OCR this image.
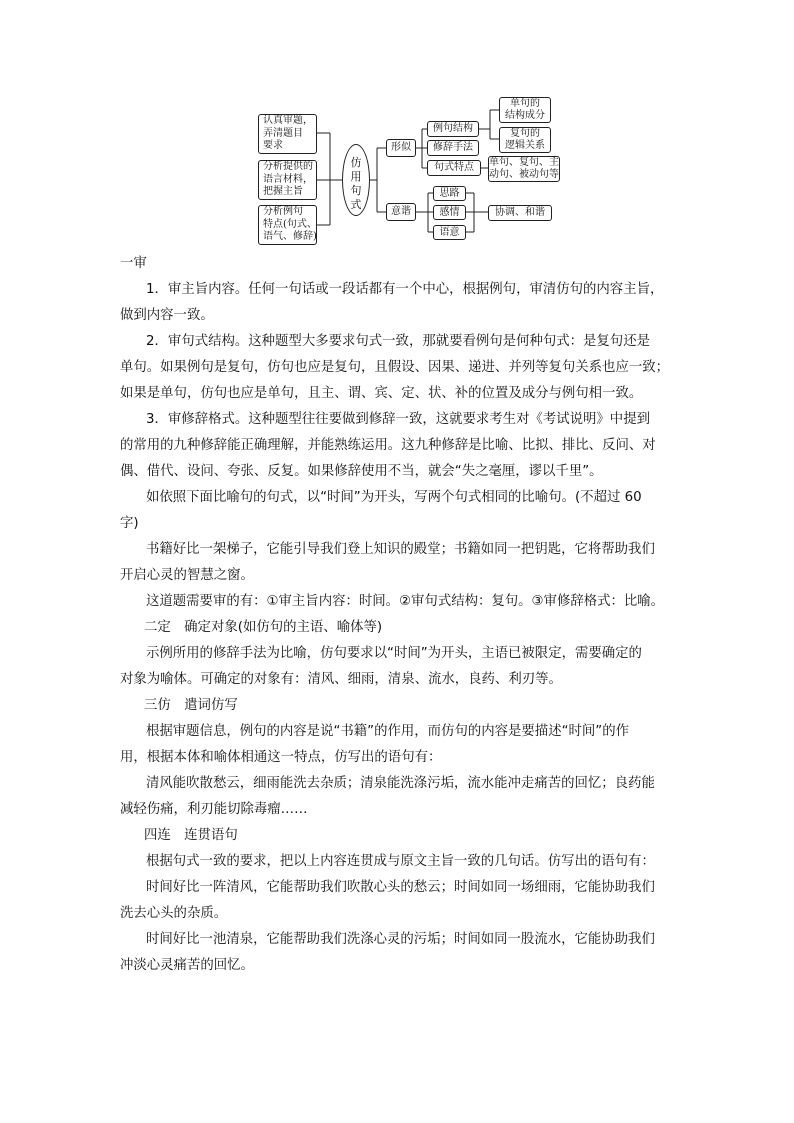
认真审题，
弄清题目
要求
分析提供的
语言材料，
把握主旨
分析例句
特点(句式、
语气、修辞)
仿
用
句
式
形似
意谐
例句结构
修辞手法
句式特点
单句的
结构成分
复句的
逻辑关系
单句、复句、主
动句、被动句等
思路
感情
语意
协调、和谐

一审

1．审主旨内容。任何一句话或一段话都有一个中心，根据例句，审清仿句的内容主旨，

做到内容一致。

2．审句式结构。这种题型大多要求句式一致，那就要看例句是何种句式：是复句还是

单句。如果例句是复句，仿句也应是复句，且假设、因果、递进、并列等复句关系也应一致；

如果是单句，仿句也应是单句，且主、谓、宾、定、状、补的位置及成分与例句相一致。

3．审修辞格式。这种题型往往要做到修辞一致，这就要求考生对《考试说明》中提到

的常用的九种修辞能正确理解，并能熟练运用。这九种修辞是比喻、比拟、排比、反问、对

偶、借代、设问、夸张、反复。如果修辞使用不当，就会“失之毫厘，谬以千里”。

如依照下面比喻句的句式，以“时间”为开头，写两个句式相同的比喻句。(不超过 60

字)

书籍好比一架梯子，它能引导我们登上知识的殿堂；书籍如同一把钥匙，它将帮助我们

开启心灵的智慧之窗。

这道题需要审的有：①审主旨内容：时间。②审句式结构：复句。③审修辞格式：比喻。

二定　确定对象(如仿句的主语、喻体等)

示例所用的修辞手法为比喻，仿句要求以“时间”为开头，主语已被限定，需要确定的

对象为喻体。可确定的对象有：清风、细雨，清泉、流水，良药、利刃等。

三仿　遣词仿写

根据审题信息，例句的内容是说“书籍”的作用，而仿句的内容是要描述“时间”的作

用，根据本体和喻体相通这一特点，仿写出的语句有：

清风能吹散愁云，细雨能洗去杂质；清泉能洗涤污垢，流水能冲走痛苦的回忆；良药能

减轻伤痛，利刃能切除毒瘤……

四连　连贯语句

根据句式一致的要求，把以上内容连贯成与原文主旨一致的几句话。仿写出的语句有：

时间好比一阵清风，它能帮助我们吹散心头的愁云；时间如同一场细雨，它能协助我们

洗去心头的杂质。

时间好比一池清泉，它能帮助我们洗涤心灵的污垢；时间如同一股流水，它能协助我们

冲淡心灵痛苦的回忆。
